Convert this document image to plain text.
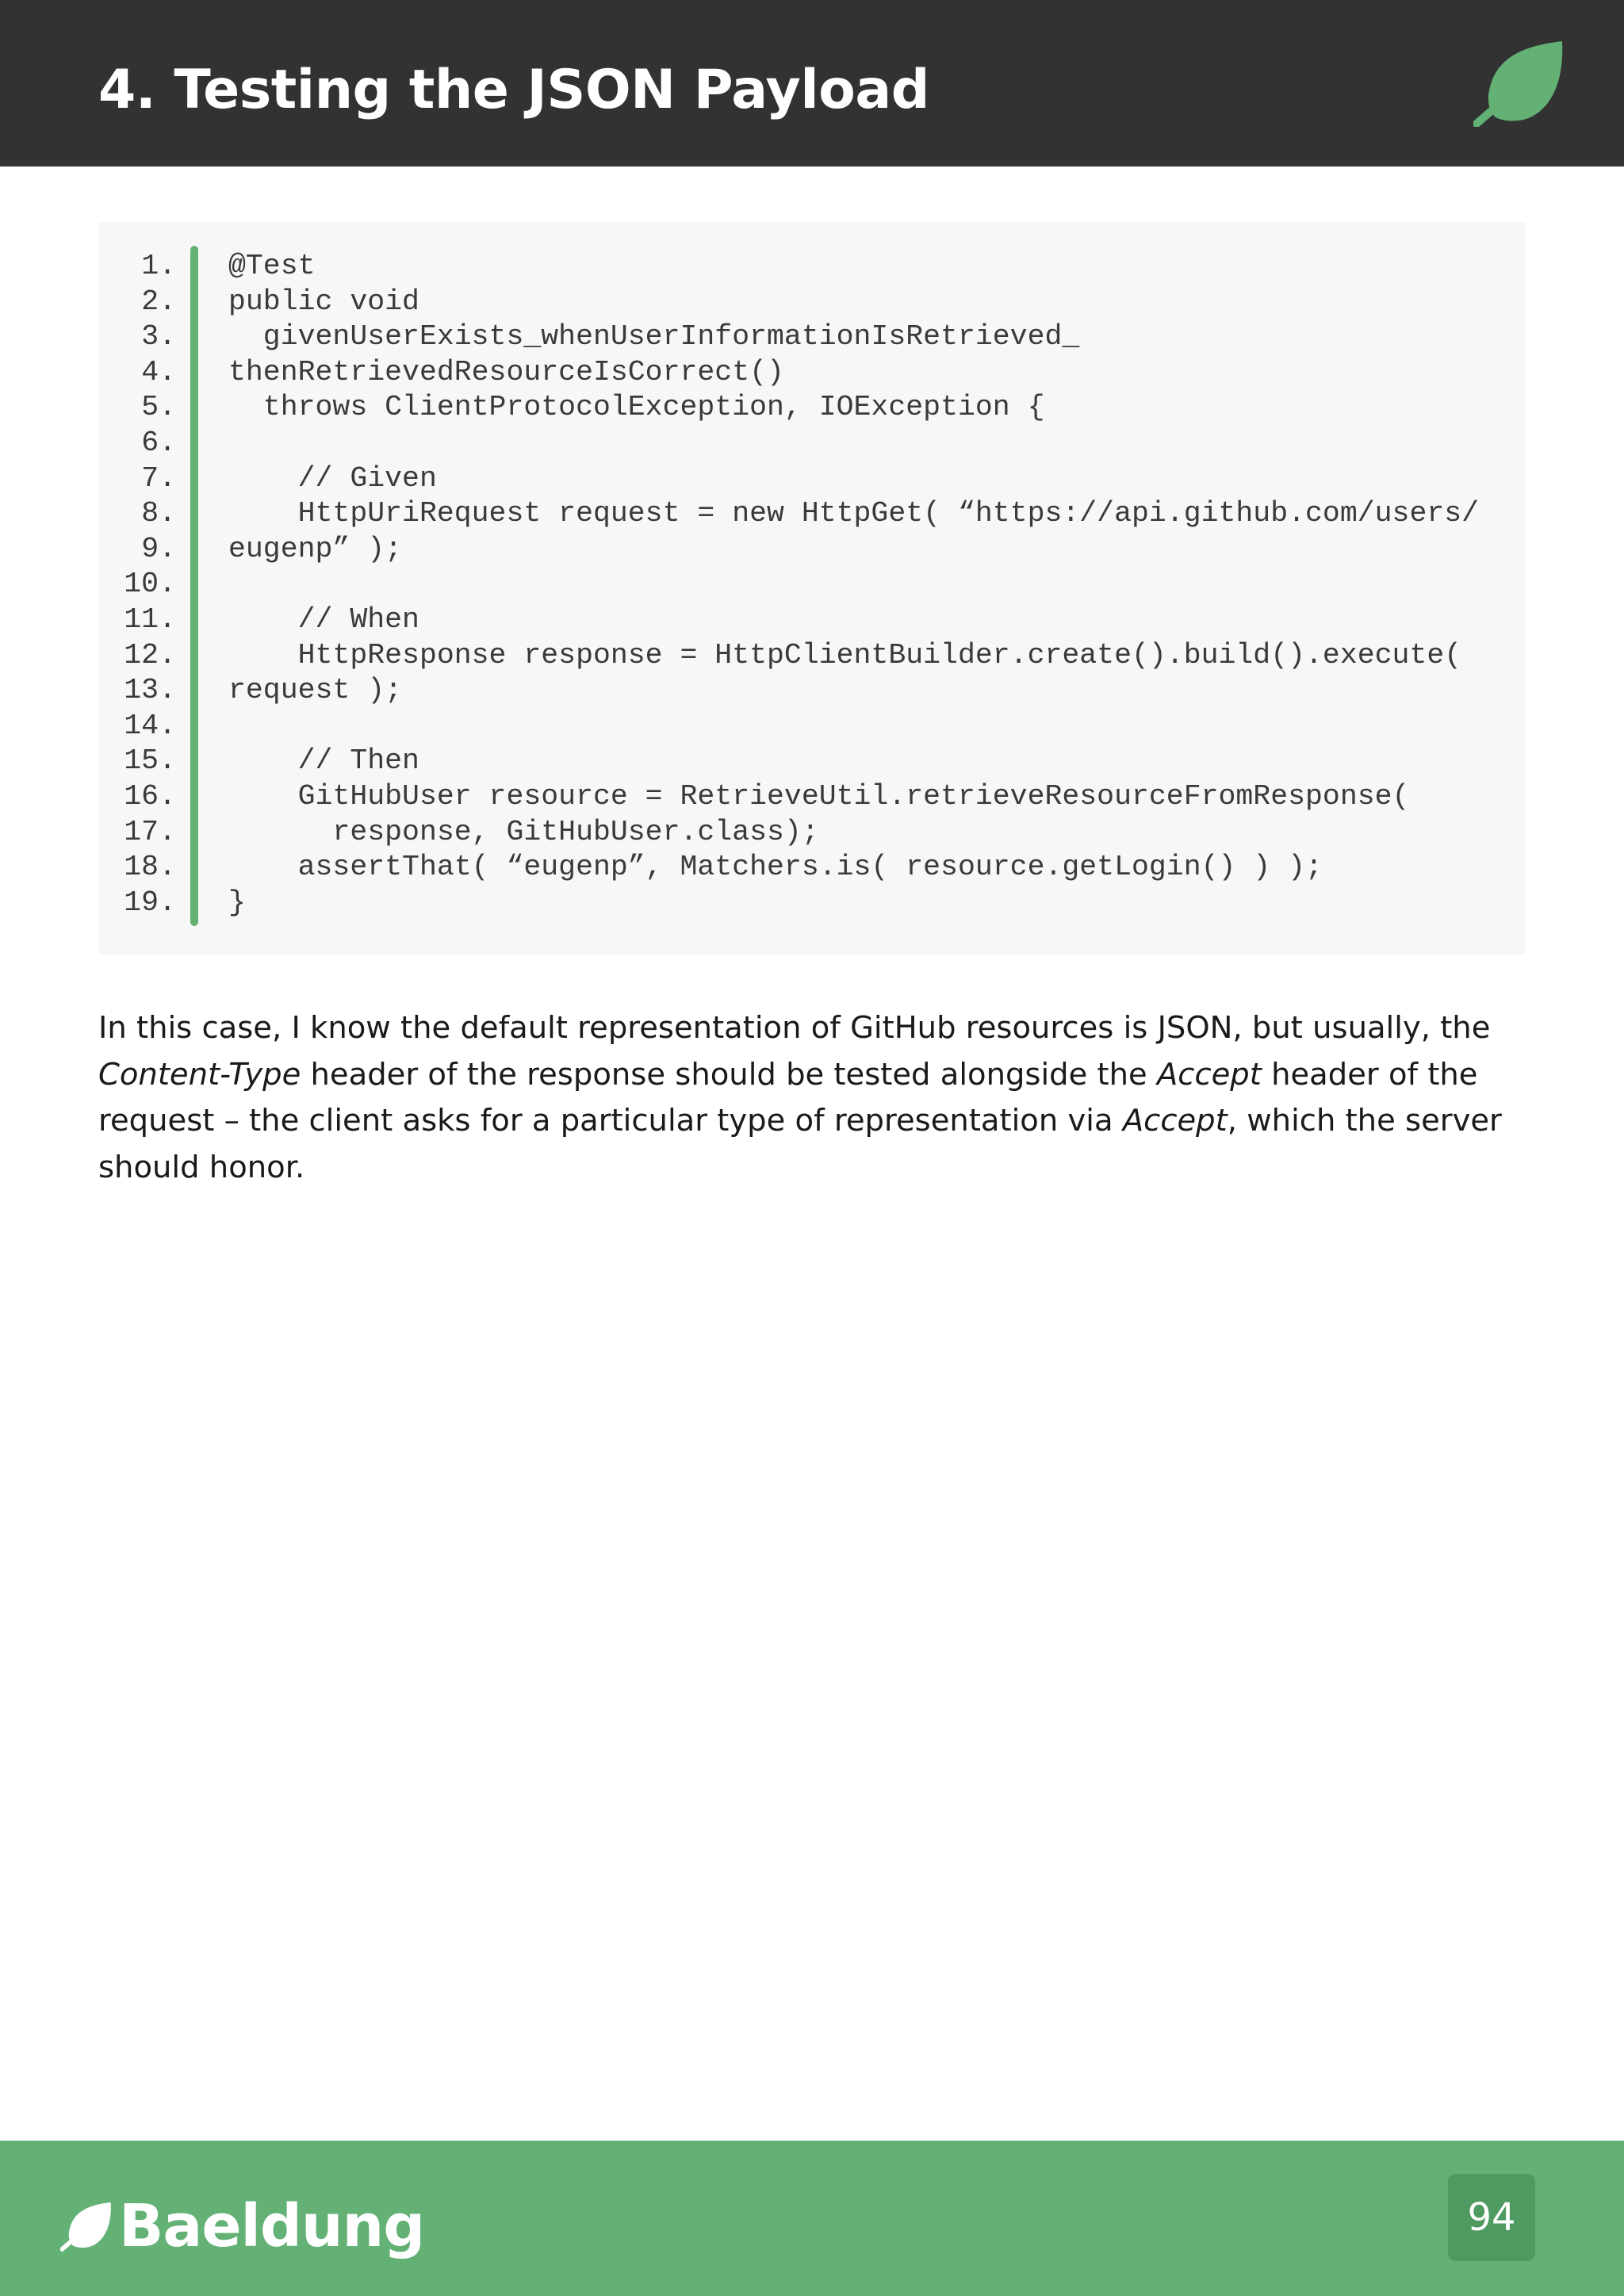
4. Testing the JSON Payload
1. @Test
2. public void
3. givenUserExists_whenUserInformationIsRetrieved_
4. thenRetrievedResourceIsCorrect()
5. throws ClientProtocolException, IOException {
6.
7. // Given
8. HttpUriRequest request = new HttpGet( “https://api.github.com/users/
9. eugenp” );
10.
11. // When
12. HttpResponse response = HttpClientBuilder.create().build().execute(
13. request );
14.
15. // Then
16. GitHubUser resource = RetrieveUtil.retrieveResourceFromResponse(
17. response, GitHubUser.class);
18. assertThat( “eugenp”, Matchers.is( resource.getLogin() ) );
19. }

In this case, I know the default representation of GitHub resources is JSON, but usually, the Content-Type header of the response should be tested alongside the Accept header of the request – the client asks for a particular type of representation via Accept, which the server should honor.

Baeldung	94
